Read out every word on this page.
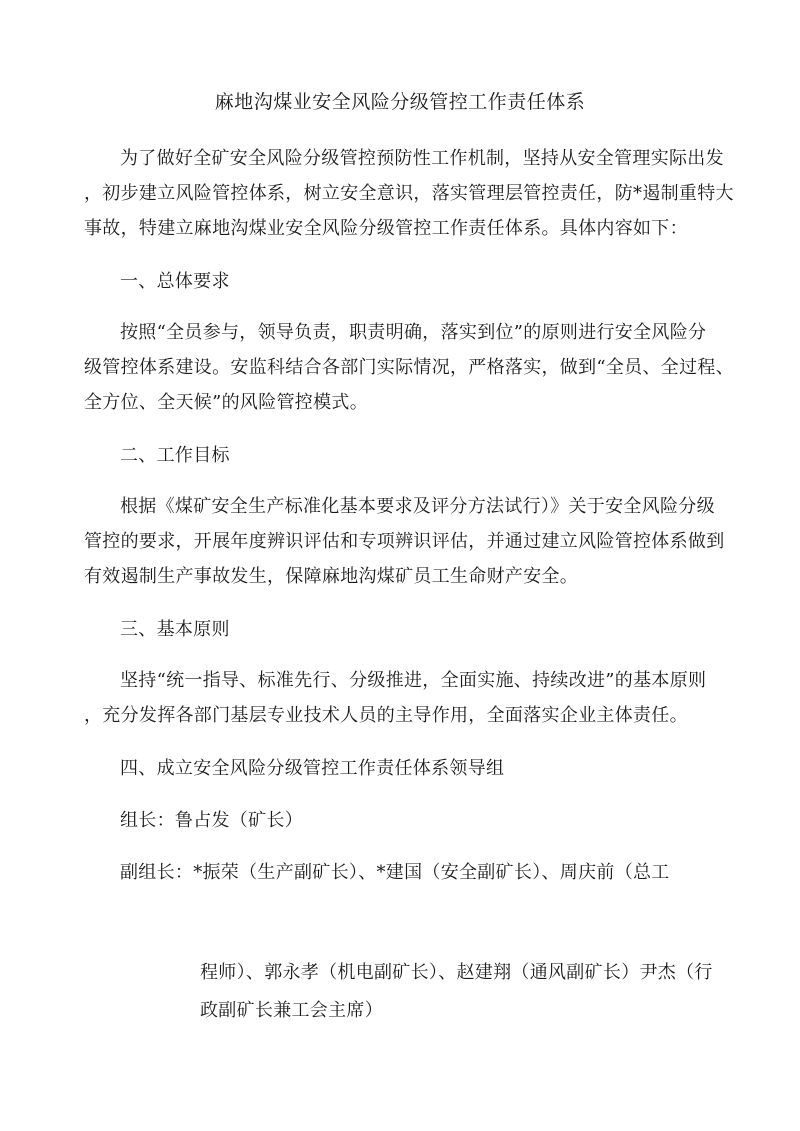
麻地沟煤业安全风险分级管控工作责任体系
为了做好全矿安全风险分级管控预防性工作机制，坚持从安全管理实际出发
，初步建立风险管控体系，树立安全意识，落实管理层管控责任，防*遏制重特大
事故，特建立麻地沟煤业安全风险分级管控工作责任体系。具体内容如下：
一、总体要求
按照“全员参与，领导负责，职责明确，落实到位”的原则进行安全风险分
级管控体系建设。安监科结合各部门实际情况，严格落实，做到“全员、全过程、
全方位、全天候”的风险管控模式。
二、工作目标
根据《煤矿安全生产标准化基本要求及评分方法试行）》关于安全风险分级
管控的要求，开展年度辨识评估和专项辨识评估，并通过建立风险管控体系做到
有效遏制生产事故发生，保障麻地沟煤矿员工生命财产安全。
三、基本原则
坚持“统一指导、标准先行、分级推进，全面实施、持续改进”的基本原则
，充分发挥各部门基层专业技术人员的主导作用，全面落实企业主体责任。
四、成立安全风险分级管控工作责任体系领导组
组长：鲁占发（矿长）
副组长：*振荣（生产副矿长）、*建国（安全副矿长）、周庆前（总工
程师）、郭永孝（机电副矿长）、赵建翔（通风副矿长）尹杰（行
政副矿长兼工会主席）
